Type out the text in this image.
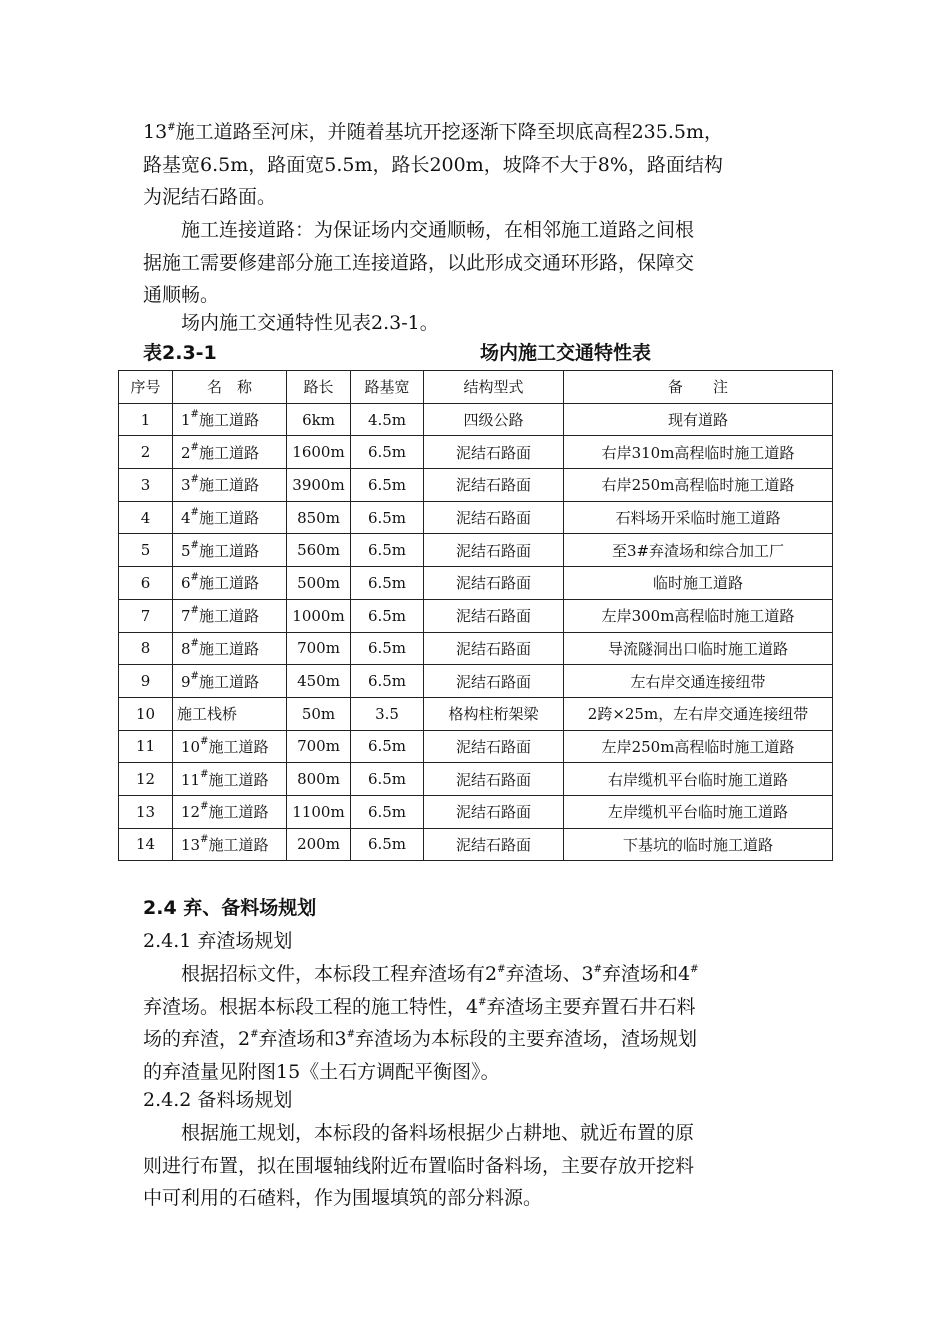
13#施工道路至河床，并随着基坑开挖逐渐下降至坝底高程235.5m，
路基宽6.5m，路面宽5.5m，路长200m，坡降不大于8%，路面结构
为泥结石路面。
施工连接道路：为保证场内交通顺畅，在相邻施工道路之间根
据施工需要修建部分施工连接道路，以此形成交通环形路，保障交
通顺畅。
场内施工交通特性见表2.3-1。
表2.3-1	场内施工交通特性表
序号	名　称	路长	路基宽	结构型式	备　　注
1	1#施工道路	6km	4.5m	四级公路	现有道路
2	2#施工道路	1600m	6.5m	泥结石路面	右岸310m高程临时施工道路
3	3#施工道路	3900m	6.5m	泥结石路面	右岸250m高程临时施工道路
4	4#施工道路	850m	6.5m	泥结石路面	石料场开采临时施工道路
5	5#施工道路	560m	6.5m	泥结石路面	至3#弃渣场和综合加工厂
6	6#施工道路	500m	6.5m	泥结石路面	临时施工道路
7	7#施工道路	1000m	6.5m	泥结石路面	左岸300m高程临时施工道路
8	8#施工道路	700m	6.5m	泥结石路面	导流隧洞出口临时施工道路
9	9#施工道路	450m	6.5m	泥结石路面	左右岸交通连接纽带
10	施工栈桥	50m	3.5	格构柱桁架梁	2跨×25m，左右岸交通连接纽带
11	10#施工道路	700m	6.5m	泥结石路面	左岸250m高程临时施工道路
12	11#施工道路	800m	6.5m	泥结石路面	右岸缆机平台临时施工道路
13	12#施工道路	1100m	6.5m	泥结石路面	左岸缆机平台临时施工道路
14	13#施工道路	200m	6.5m	泥结石路面	下基坑的临时施工道路
2.4 弃、备料场规划
2.4.1 弃渣场规划
根据招标文件，本标段工程弃渣场有2#弃渣场、3#弃渣场和4#
弃渣场。根据本标段工程的施工特性，4#弃渣场主要弃置石井石料
场的弃渣，2#弃渣场和3#弃渣场为本标段的主要弃渣场，渣场规划
的弃渣量见附图15《土石方调配平衡图》。
2.4.2 备料场规划
根据施工规划，本标段的备料场根据少占耕地、就近布置的原
则进行布置，拟在围堰轴线附近布置临时备料场，主要存放开挖料
中可利用的石碴料，作为围堰填筑的部分料源。
